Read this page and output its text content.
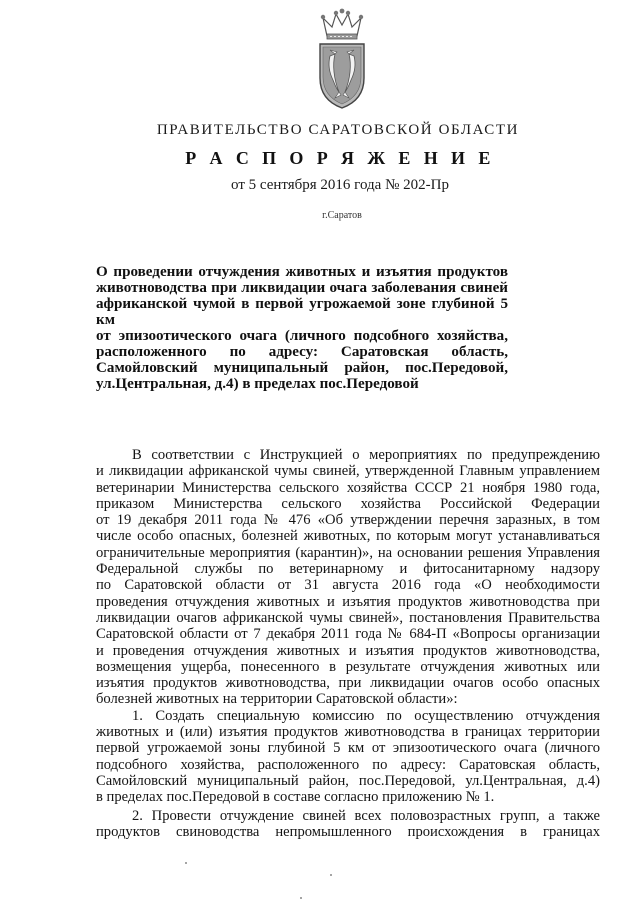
ПРАВИТЕЛЬСТВО САРАТОВСКОЙ ОБЛАСТИ
Р А С П О Р Я Ж Е Н И Е
от 5 сентября 2016 года № 202-Пр
г.Саратов
О проведении отчуждения животных и изъятия продуктов
животноводства при ликвидации очага заболевания свиней
африканской чумой в первой угрожаемой зоне глубиной 5 км
от эпизоотического очага (личного подсобного хозяйства,
расположенного по адресу: Саратовская область,
Самойловский муниципальный район, пос.Передовой,
ул.Центральная, д.4) в пределах пос.Передовой
В соответствии с Инструкцией о мероприятиях по предупреждению
и ликвидации африканской чумы свиней, утвержденной Главным управлением
ветеринарии Министерства сельского хозяйства СССР 21 ноября 1980 года,
приказом Министерства сельского хозяйства Российской Федерации
от 19 декабря 2011 года № 476 «Об утверждении перечня заразных, в том
числе особо опасных, болезней животных, по которым могут устанавливаться
ограничительные мероприятия (карантин)», на основании решения Управления
Федеральной службы по ветеринарному и фитосанитарному надзору
по Саратовской области от 31 августа 2016 года «О необходимости
проведения отчуждения животных и изъятия продуктов животноводства при
ликвидации очагов африканской чумы свиней», постановления Правительства
Саратовской области от 7 декабря 2011 года № 684-П «Вопросы организации
и проведения отчуждения животных и изъятия продуктов животноводства,
возмещения ущерба, понесенного в результате отчуждения животных или
изъятия продуктов животноводства, при ликвидации очагов особо опасных
болезней животных на территории Саратовской области»:
1. Создать специальную комиссию по осуществлению отчуждения
животных и (или) изъятия продуктов животноводства в границах территории
первой угрожаемой зоны глубиной 5 км от эпизоотического очага (личного
подсобного хозяйства, расположенного по адресу: Саратовская область,
Самойловский муниципальный район, пос.Передовой, ул.Центральная, д.4)
в пределах пос.Передовой в составе согласно приложению № 1.
2. Провести отчуждение свиней всех половозрастных групп, а также
продуктов свиноводства непромышленного происхождения в границах
